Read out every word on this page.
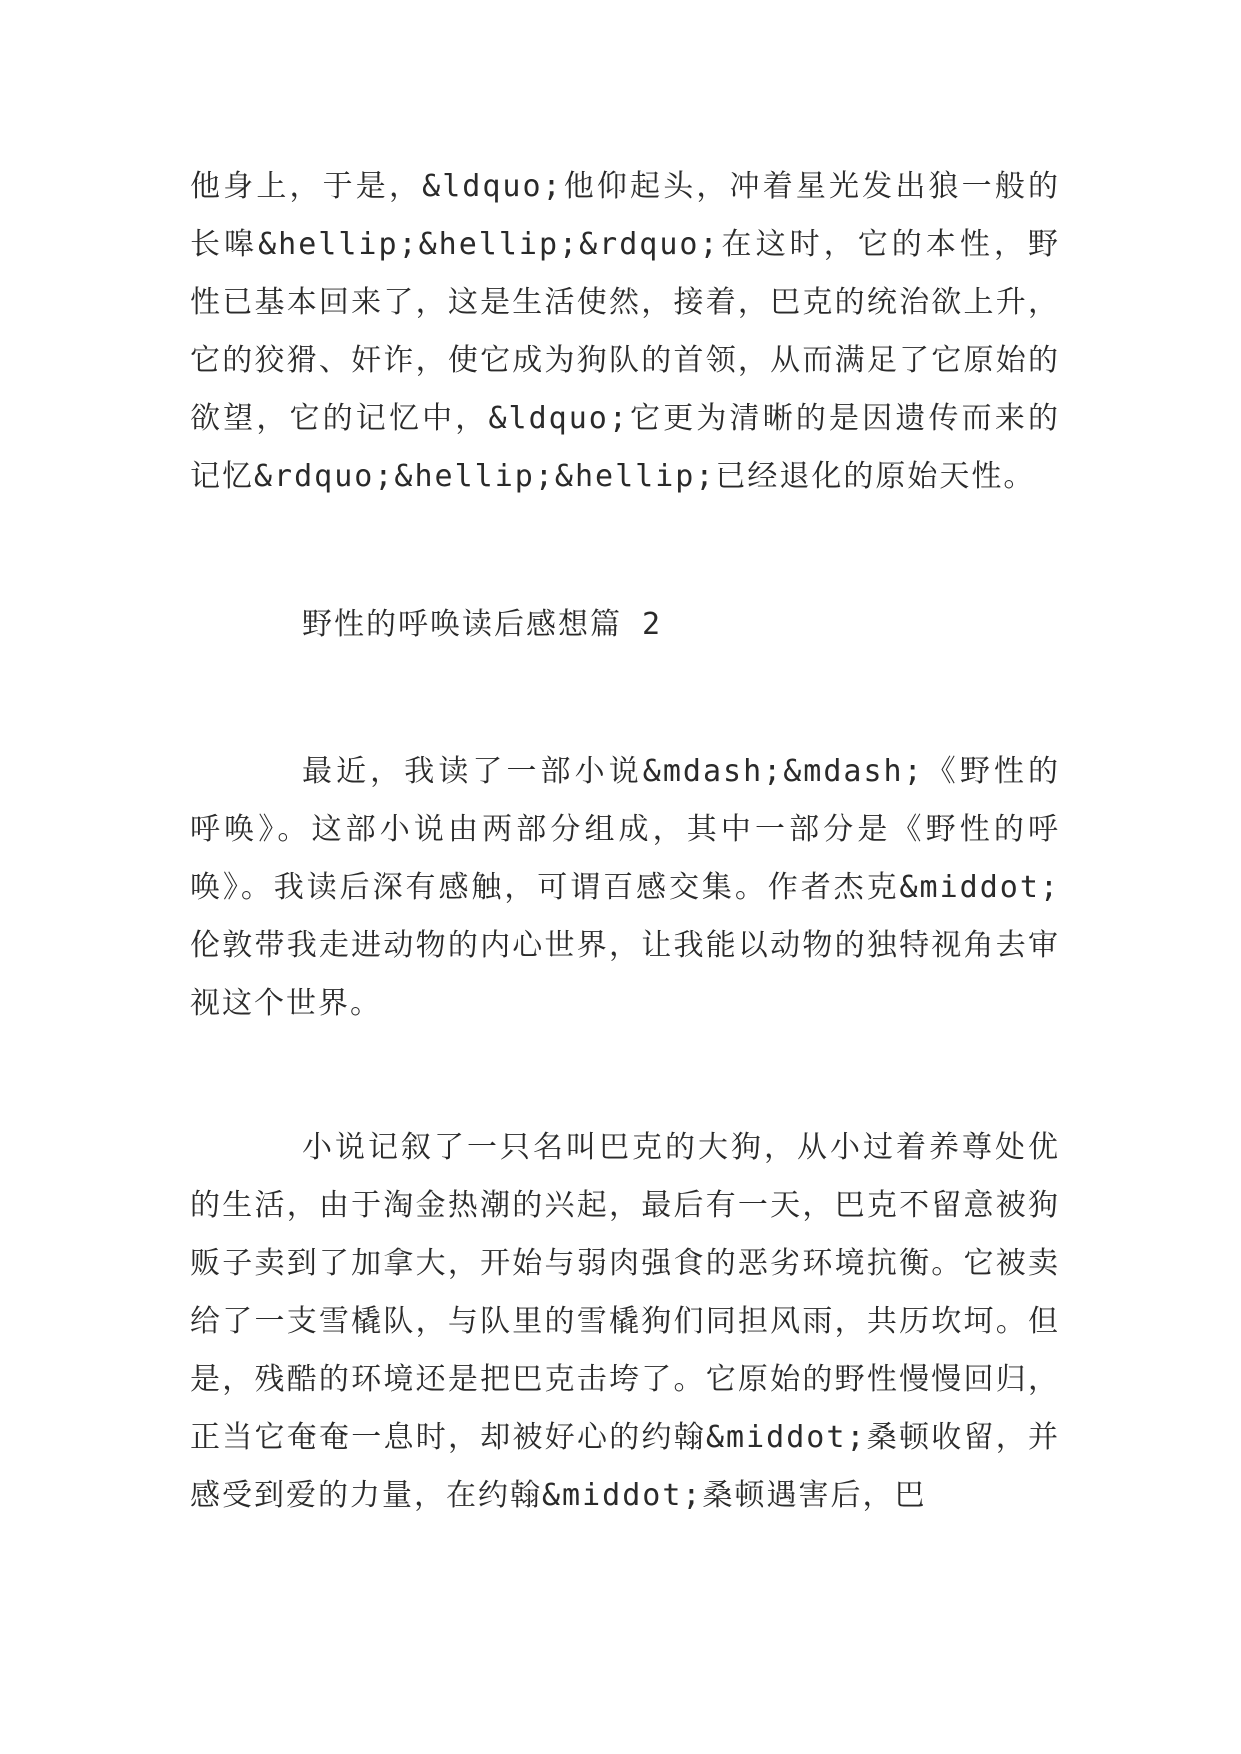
他身上，于是，&ldquo;他仰起头，冲着星光发出狼一般的长嗥&hellip;&hellip;&rdquo;在这时，它的本性，野性已基本回来了，这是生活使然，接着，巴克的统治欲上升，它的狡猾、奸诈，使它成为狗队的首领，从而满足了它原始的欲望，它的记忆中，&ldquo;它更为清晰的是因遗传而来的记忆&rdquo;&hellip;&hellip;已经退化的原始天性。

野性的呼唤读后感想篇 2

最近，我读了一部小说&mdash;&mdash;《野性的呼唤》。这部小说由两部分组成，其中一部分是《野性的呼唤》。我读后深有感触，可谓百感交集。作者杰克&middot;伦敦带我走进动物的内心世界，让我能以动物的独特视角去审视这个世界。

小说记叙了一只名叫巴克的大狗，从小过着养尊处优的生活，由于淘金热潮的兴起，最后有一天，巴克不留意被狗贩子卖到了加拿大，开始与弱肉强食的恶劣环境抗衡。它被卖给了一支雪橇队，与队里的雪橇狗们同担风雨，共历坎坷。但是，残酷的环境还是把巴克击垮了。它原始的野性慢慢回归，正当它奄奄一息时，却被好心的约翰&middot;桑顿收留，并感受到爱的力量，在约翰&middot;桑顿遇害后，巴
